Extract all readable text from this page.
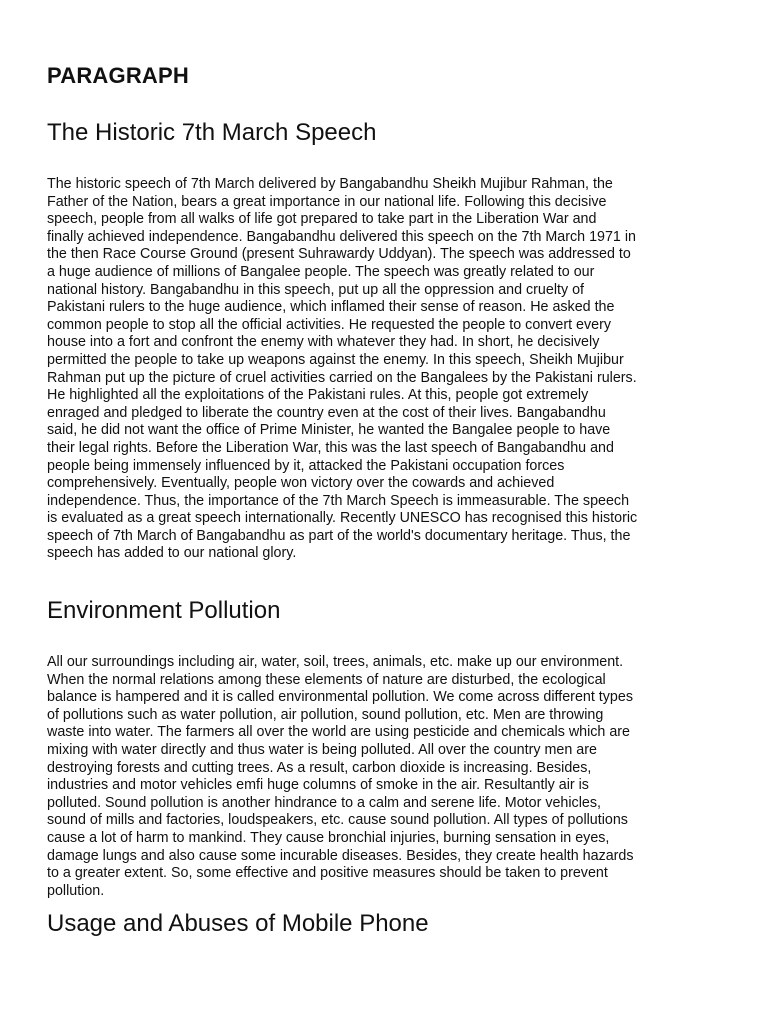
PARAGRAPH
The Historic 7th March Speech
The historic speech of 7th March delivered by Bangabandhu Sheikh Mujibur Rahman, the
Father of the Nation, bears a great importance in our national life. Following this decisive
speech, people from all walks of life got prepared to take part in the Liberation War and
finally achieved independence. Bangabandhu delivered this speech on the 7th March 1971 in
the then Race Course Ground (present Suhrawardy Uddyan). The speech was addressed to
a huge audience of millions of Bangalee people. The speech was greatly related to our
national history. Bangabandhu in this speech, put up all the oppression and cruelty of
Pakistani rulers to the huge audience, which inflamed their sense of reason. He asked the
common people to stop all the official activities. He requested the people to convert every
house into a fort and confront the enemy with whatever they had. In short, he decisively
permitted the people to take up weapons against the enemy. In this speech, Sheikh Mujibur
Rahman put up the picture of cruel activities carried on the Bangalees by the Pakistani rulers.
He highlighted all the exploitations of the Pakistani rules. At this, people got extremely
enraged and pledged to liberate the country even at the cost of their lives. Bangabandhu
said, he did not want the office of Prime Minister, he wanted the Bangalee people to have
their legal rights. Before the Liberation War, this was the last speech of Bangabandhu and
people being immensely influenced by it, attacked the Pakistani occupation forces
comprehensively. Eventually, people won victory over the cowards and achieved
independence. Thus, the importance of the 7th March Speech is immeasurable. The speech
is evaluated as a great speech internationally. Recently UNESCO has recognised this historic
speech of 7th March of Bangabandhu as part of the world's documentary heritage. Thus, the
speech has added to our national glory.
Environment Pollution
All our surroundings including air, water, soil, trees, animals, etc. make up our environment.
When the normal relations among these elements of nature are disturbed, the ecological
balance is hampered and it is called environmental pollution. We come across different types
of pollutions such as water pollution, air pollution, sound pollution, etc. Men are throwing
waste into water. The farmers all over the world are using pesticide and chemicals which are
mixing with water directly and thus water is being polluted. All over the country men are
destroying forests and cutting trees. As a result, carbon dioxide is increasing. Besides,
industries and motor vehicles emfi huge columns of smoke in the air. Resultantly air is
polluted. Sound pollution is another hindrance to a calm and serene life. Motor vehicles,
sound of mills and factories, loudspeakers, etc. cause sound pollution. All types of pollutions
cause a lot of harm to mankind. They cause bronchial injuries, burning sensation in eyes,
damage lungs and also cause some incurable diseases. Besides, they create health hazards
to a greater extent. So, some effective and positive measures should be taken to prevent
pollution.
Usage and Abuses of Mobile Phone
